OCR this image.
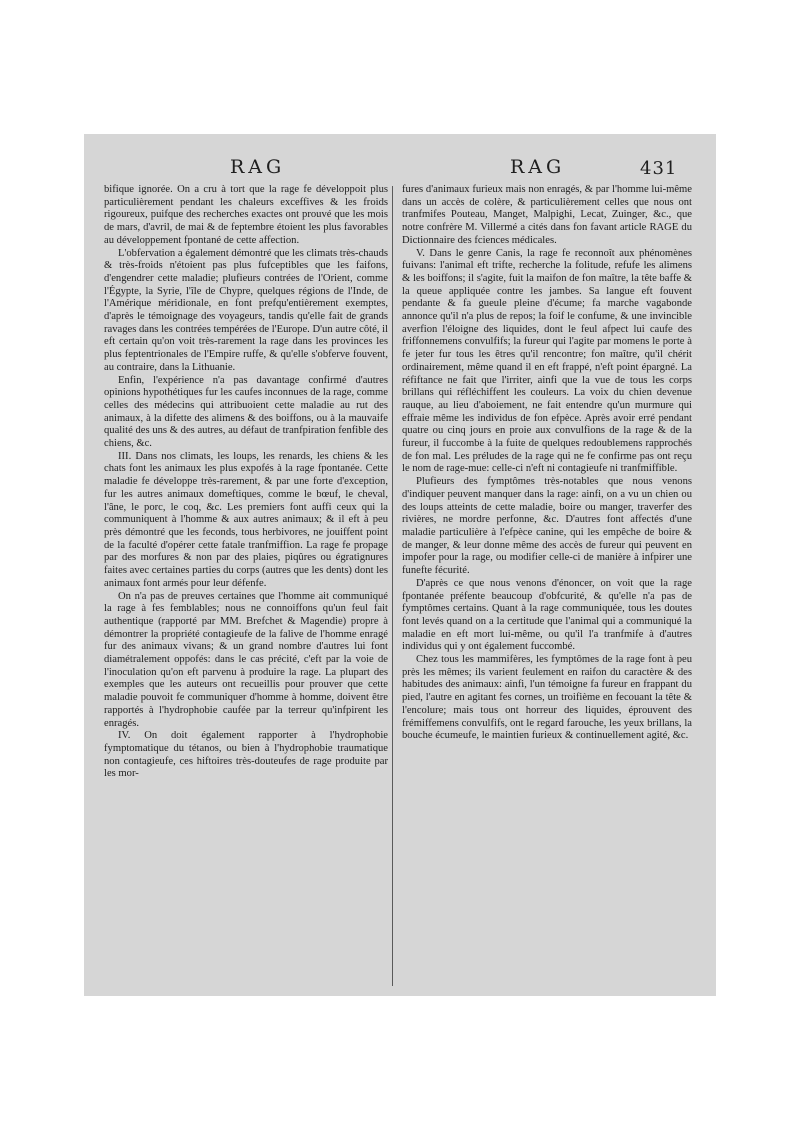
RAG	RAG	431

bifique ignorée. On a cru à tort que la rage fe développoit plus particulièrement pendant les chaleurs exceffives & les froids rigoureux, puifque des recherches exactes ont prouvé que les mois de mars, d'avril, de mai & de feptembre étoient les plus favorables au développement fpontané de cette affection.

L'obfervation a également démontré que les climats très-chauds & très-froids n'étoient pas plus fufceptibles que les faifons, d'engendrer cette maladie; plufieurs contrées de l'Orient, comme l'Égypte, la Syrie, l'île de Chypre, quelques régions de l'Inde, de l'Amérique méridionale, en font prefqu'entièrement exemptes, d'après le témoignage des voyageurs, tandis qu'elle fait de grands ravages dans les contrées tempérées de l'Europe. D'un autre côté, il eft certain qu'on voit très-rarement la rage dans les provinces les plus feptentrionales de l'Empire ruffe, & qu'elle s'obferve fouvent, au contraire, dans la Lithuanie.

Enfin, l'expérience n'a pas davantage confirmé d'autres opinions hypothétiques fur les caufes inconnues de la rage, comme celles des médecins qui attribuoient cette maladie au rut des animaux, à la difette des alimens & des boiffons, ou à la mauvaife qualité des uns & des autres, au défaut de tranfpiration fenfible des chiens, &c.

III. Dans nos climats, les loups, les renards, les chiens & les chats font les animaux les plus expofés à la rage fpontanée. Cette maladie fe développe très-rarement, & par une forte d'exception, fur les autres animaux domeftiques, comme le bœuf, le cheval, l'âne, le porc, le coq, &c. Les premiers font auffi ceux qui la communiquent à l'homme & aux autres animaux; & il eft à peu près démontré que les feconds, tous herbivores, ne jouiffent point de la faculté d'opérer cette fatale tranfmiffion. La rage fe propage par des morfures & non par des plaies, piqûres ou égratignures faites avec certaines parties du corps (autres que les dents) dont les animaux font armés pour leur défenfe.

On n'a pas de preuves certaines que l'homme ait communiqué la rage à fes femblables; nous ne connoiffons qu'un feul fait authentique (rapporté par MM. Brefchet & Magendie) propre à démontrer la propriété contagieufe de la falive de l'homme enragé fur des animaux vivans; & un grand nombre d'autres lui font diamétralement oppofés: dans le cas précité, c'eft par la voie de l'inoculation qu'on eft parvenu à produire la rage. La plupart des exemples que les auteurs ont recueillis pour prouver que cette maladie pouvoit fe communiquer d'homme à homme, doivent être rapportés à l'hydrophobie caufée par la terreur qu'infpirent les enragés.

IV. On doit également rapporter à l'hydrophobie fymptomatique du tétanos, ou bien à l'hydrophobie traumatique non contagieufe, ces hiftoires très-douteufes de rage produite par les mor-

fures d'animaux furieux mais non enragés, & par l'homme lui-même dans un accès de colère, & particulièrement celles que nous ont tranfmifes Pouteau, Manget, Malpighi, Lecat, Zuinger, &c., que notre confrère M. Villermé a cités dans fon favant article RAGE du Dictionnaire des fciences médicales.

V. Dans le genre Canis, la rage fe reconnoît aux phénomènes fuivans: l'animal eft trifte, recherche la folitude, refufe les alimens & les boiffons; il s'agite, fuit la maifon de fon maître, la tête baffe & la queue appliquée contre les jambes. Sa langue eft fouvent pendante & fa gueule pleine d'écume; fa marche vagabonde annonce qu'il n'a plus de repos; la foif le confume, & une invincible averfion l'éloigne des liquides, dont le feul afpect lui caufe des friffonnemens convulfifs; la fureur qui l'agite par momens le porte à fe jeter fur tous les êtres qu'il rencontre; fon maître, qu'il chérit ordinairement, même quand il en eft frappé, n'eft point épargné. La réfiftance ne fait que l'irriter, ainfi que la vue de tous les corps brillans qui réfléchiffent les couleurs. La voix du chien devenue rauque, au lieu d'aboiement, ne fait entendre qu'un murmure qui effraie même les individus de fon efpèce. Après avoir erré pendant quatre ou cinq jours en proie aux convulfions de la rage & de la fureur, il fuccombe à la fuite de quelques redoublemens rapprochés de fon mal. Les préludes de la rage qui ne fe confirme pas ont reçu le nom de rage-mue: celle-ci n'eft ni contagieufe ni tranfmiffible.

Plufieurs des fymptômes très-notables que nous venons d'indiquer peuvent manquer dans la rage: ainfi, on a vu un chien ou des loups atteints de cette maladie, boire ou manger, traverfer des rivières, ne mordre perfonne, &c. D'autres font affectés d'une maladie particulière à l'efpèce canine, qui les empêche de boire & de manger, & leur donne même des accès de fureur qui peuvent en impofer pour la rage, ou modifier celle-ci de manière à infpirer une funefte fécurité.

D'après ce que nous venons d'énoncer, on voit que la rage fpontanée préfente beaucoup d'obfcurité, & qu'elle n'a pas de fymptômes certains. Quant à la rage communiquée, tous les doutes font levés quand on a la certitude que l'animal qui a communiqué la maladie en eft mort lui-même, ou qu'il l'a tranfmife à d'autres individus qui y ont également fuccombé.

Chez tous les mammifères, les fymptômes de la rage font à peu près les mêmes; ils varient feulement en raifon du caractère & des habitudes des animaux: ainfi, l'un témoigne fa fureur en frappant du pied, l'autre en agitant fes cornes, un troifième en fecouant la tête & l'encolure; mais tous ont horreur des liquides, éprouvent des frémiffemens convulfifs, ont le regard farouche, les yeux brillans, la bouche écumeufe, le maintien furieux & continuellement agité, &c.
